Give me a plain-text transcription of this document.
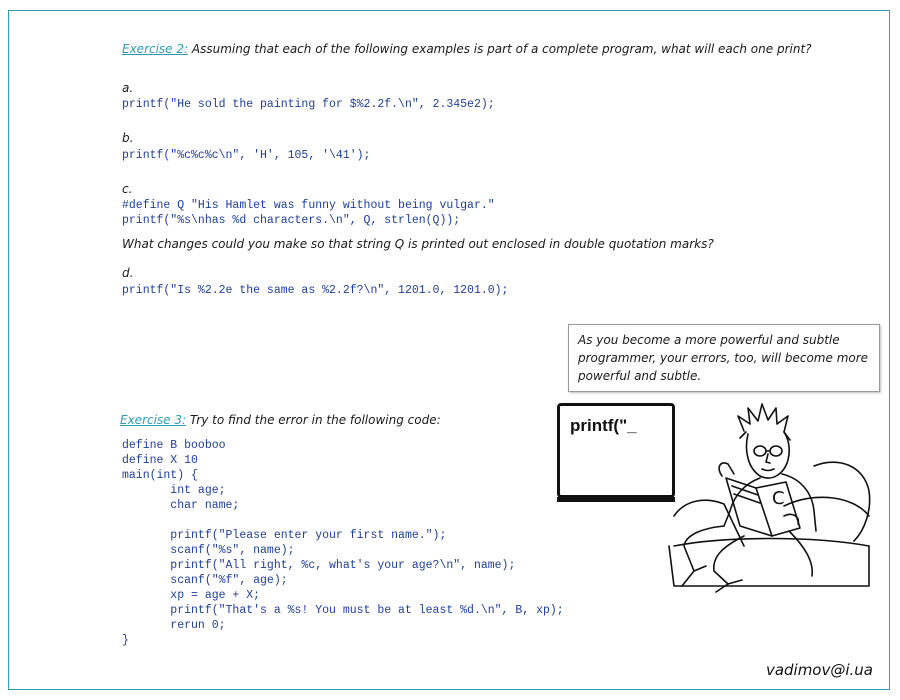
Exercise 2: Assuming that each of the following examples is part of a complete program, what will each one print?
a.
printf("He sold the painting for $%2.2f.\n", 2.345e2);
b.
printf("%c%c%c\n", 'H', 105, '\41');
c.
#define Q "His Hamlet was funny without being vulgar."
printf("%s\nhas %d characters.\n", Q, strlen(Q));
What changes could you make so that string Q is printed out enclosed in double quotation marks?
d.
printf("Is %2.2e the same as %2.2f?\n", 1201.0, 1201.0);
Exercise 3: Try to find the error in the following code:
define B booboo
define X 10
main(int) {
int age;
char name;

printf("Please enter your first name.");
scanf("%s", name);
printf("All right, %c, what's your age?\n", name);
scanf("%f", age);
xp = age + X;
printf("That's a %s! You must be at least %d.\n", B, xp);
rerun 0;
}
As you become a more powerful and subtle programmer, your errors, too, will become more powerful and subtle.
printf("_
C
vadimov@i.ua
